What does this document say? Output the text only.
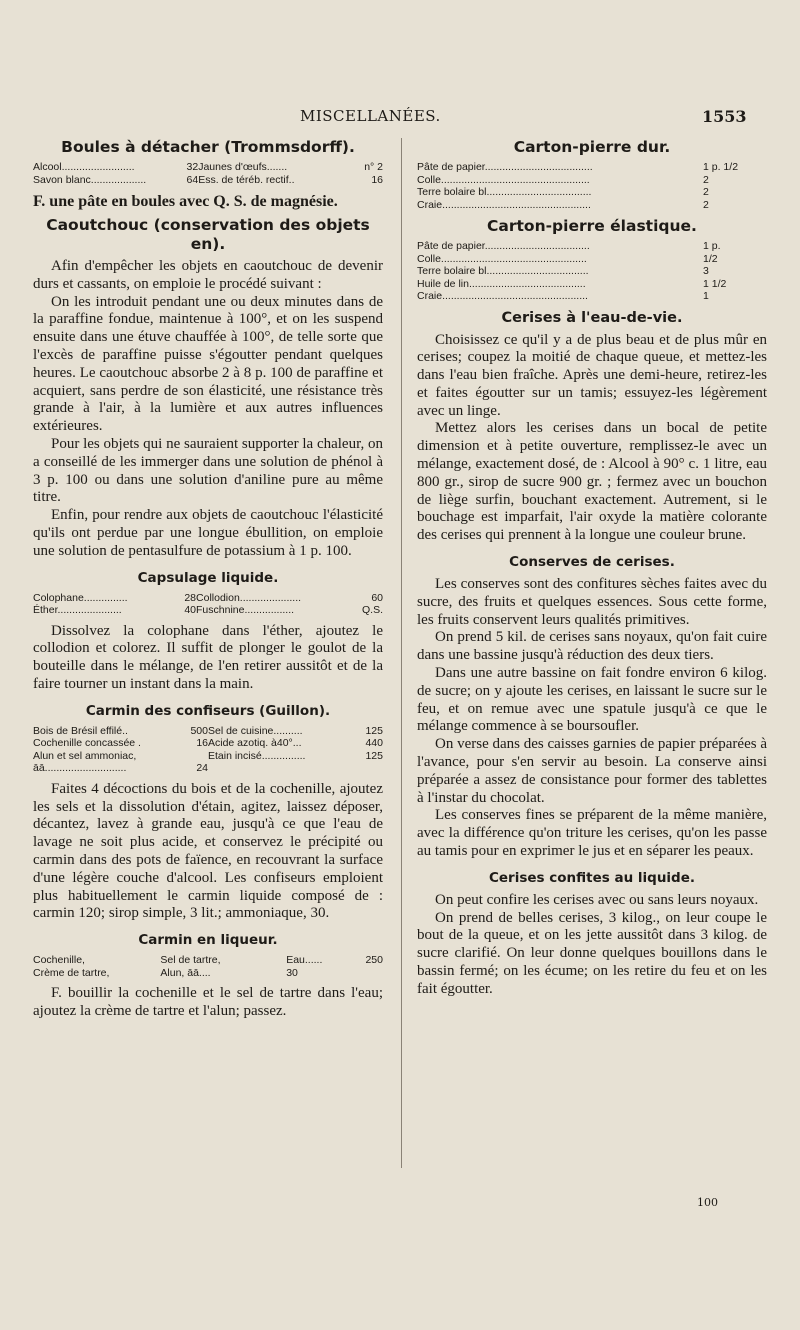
MISCELLANÉES.	1553
Boules à détacher (Trommsdorff).
Alcool.........................	32	Jaunes d'œufs.......	n° 2
Savon blanc...................	64	Ess. de téréb. rectif..	16

F. une pâte en boules avec Q. S. de magnésie.

Caoutchouc (conservation des objets en).

Afin d'empêcher les objets en caoutchouc de devenir durs et cassants, on emploie le procédé suivant :

On les introduit pendant une ou deux minutes dans de la paraffine fondue, maintenue à 100°, et on les suspend ensuite dans une étuve chauffée à 100°, de telle sorte que l'excès de paraffine puisse s'égoutter pendant quelques heures. Le caoutchouc absorbe 2 à 8 p. 100 de paraffine et acquiert, sans perdre de son élasticité, une résistance très grande à l'air, à la lumière et aux autres influences extérieures.

Pour les objets qui ne sauraient supporter la chaleur, on a conseillé de les immerger dans une solution de phénol à 3 p. 100 ou dans une solution d'aniline pure au même titre.

Enfin, pour rendre aux objets de caoutchouc l'élasticité qu'ils ont perdue par une longue ébullition, on emploie une solution de pentasulfure de potassium à 1 p. 100.

Capsulage liquide.
Colophane...............	28	Collodion.....................	60
Éther......................	40	Fuschnine.................	Q.S.

Dissolvez la colophane dans l'éther, ajoutez le collodion et colorez. Il suffit de plonger le goulot de la bouteille dans le mélange, de l'en retirer aussitôt et de la faire tourner un instant dans la main.

Carmin des confiseurs (Guillon).
Bois de Brésil effilé..	500	Sel de cuisine..........	125
Cochenille concassée .	16	Acide azotiq. à40°...	440
Alun et sel ammoniac,		Etain incisé...............	125
āā............................	24		

Faites 4 décoctions du bois et de la cochenille, ajoutez les sels et la dissolution d'étain, agitez, laissez déposer, décantez, lavez à grande eau, jusqu'à ce que l'eau de lavage ne soit plus acide, et conservez le précipité ou carmin dans des pots de faïence, en recouvrant la surface d'une légère couche d'alcool. Les confiseurs emploient plus habituellement le carmin liquide composé de : carmin 120; sirop simple, 3 lit.; ammoniaque, 30.

Carmin en liqueur.
Cochenille,	Sel de tartre,	Eau......	250
Crème de tartre,	Alun, āā....	30	

F. bouillir la cochenille et le sel de tartre dans l'eau; ajoutez la crème de tartre et l'alun; passez.

Carton-pierre dur.
Pâte de papier.....................................	1 p. 1/2
Colle...................................................	2
Terre bolaire bl....................................	2
Craie...................................................	2
Carton-pierre élastique.
Pâte de papier....................................	1 p.
Colle..................................................	1/2
Terre bolaire bl...................................	3
Huile de lin........................................	1 1/2
Craie..................................................	1
Cerises à l'eau-de-vie.

Choisissez ce qu'il y a de plus beau et de plus mûr en cerises; coupez la moitié de chaque queue, et mettez-les dans l'eau bien fraîche. Après une demi-heure, retirez-les et faites égoutter sur un tamis; essuyez-les légèrement avec un linge.

Mettez alors les cerises dans un bocal de petite dimension et à petite ouverture, remplissez-le avec un mélange, exactement dosé, de : Alcool à 90° c. 1 litre, eau 800 gr., sirop de sucre 900 gr. ; fermez avec un bouchon de liège surfin, bouchant exactement. Autrement, si le bouchage est imparfait, l'air oxyde la matière colorante des cerises qui prennent à la longue une couleur brune.

Conserves de cerises.

Les conserves sont des confitures sèches faites avec du sucre, des fruits et quelques essences. Sous cette forme, les fruits conservent leurs qualités primitives.

On prend 5 kil. de cerises sans noyaux, qu'on fait cuire dans une bassine jusqu'à réduction des deux tiers.

Dans une autre bassine on fait fondre environ 6 kilog. de sucre; on y ajoute les cerises, en laissant le sucre sur le feu, et on remue avec une spatule jusqu'à ce que le mélange commence à se boursoufler.

On verse dans des caisses garnies de papier préparées à l'avance, pour s'en servir au besoin. La conserve ainsi préparée a assez de consistance pour former des tablettes à l'instar du chocolat.

Les conserves fines se préparent de la même manière, avec la différence qu'on triture les cerises, qu'on les passe au tamis pour en exprimer le jus et en séparer les peaux.

Cerises confites au liquide.

On peut confire les cerises avec ou sans leurs noyaux.

On prend de belles cerises, 3 kilog., on leur coupe le bout de la queue, et on les jette aussitôt dans 3 kilog. de sucre clarifié. On leur donne quelques bouillons dans le bassin fermé; on les écume; on les retire du feu et on les fait égoutter.

100
